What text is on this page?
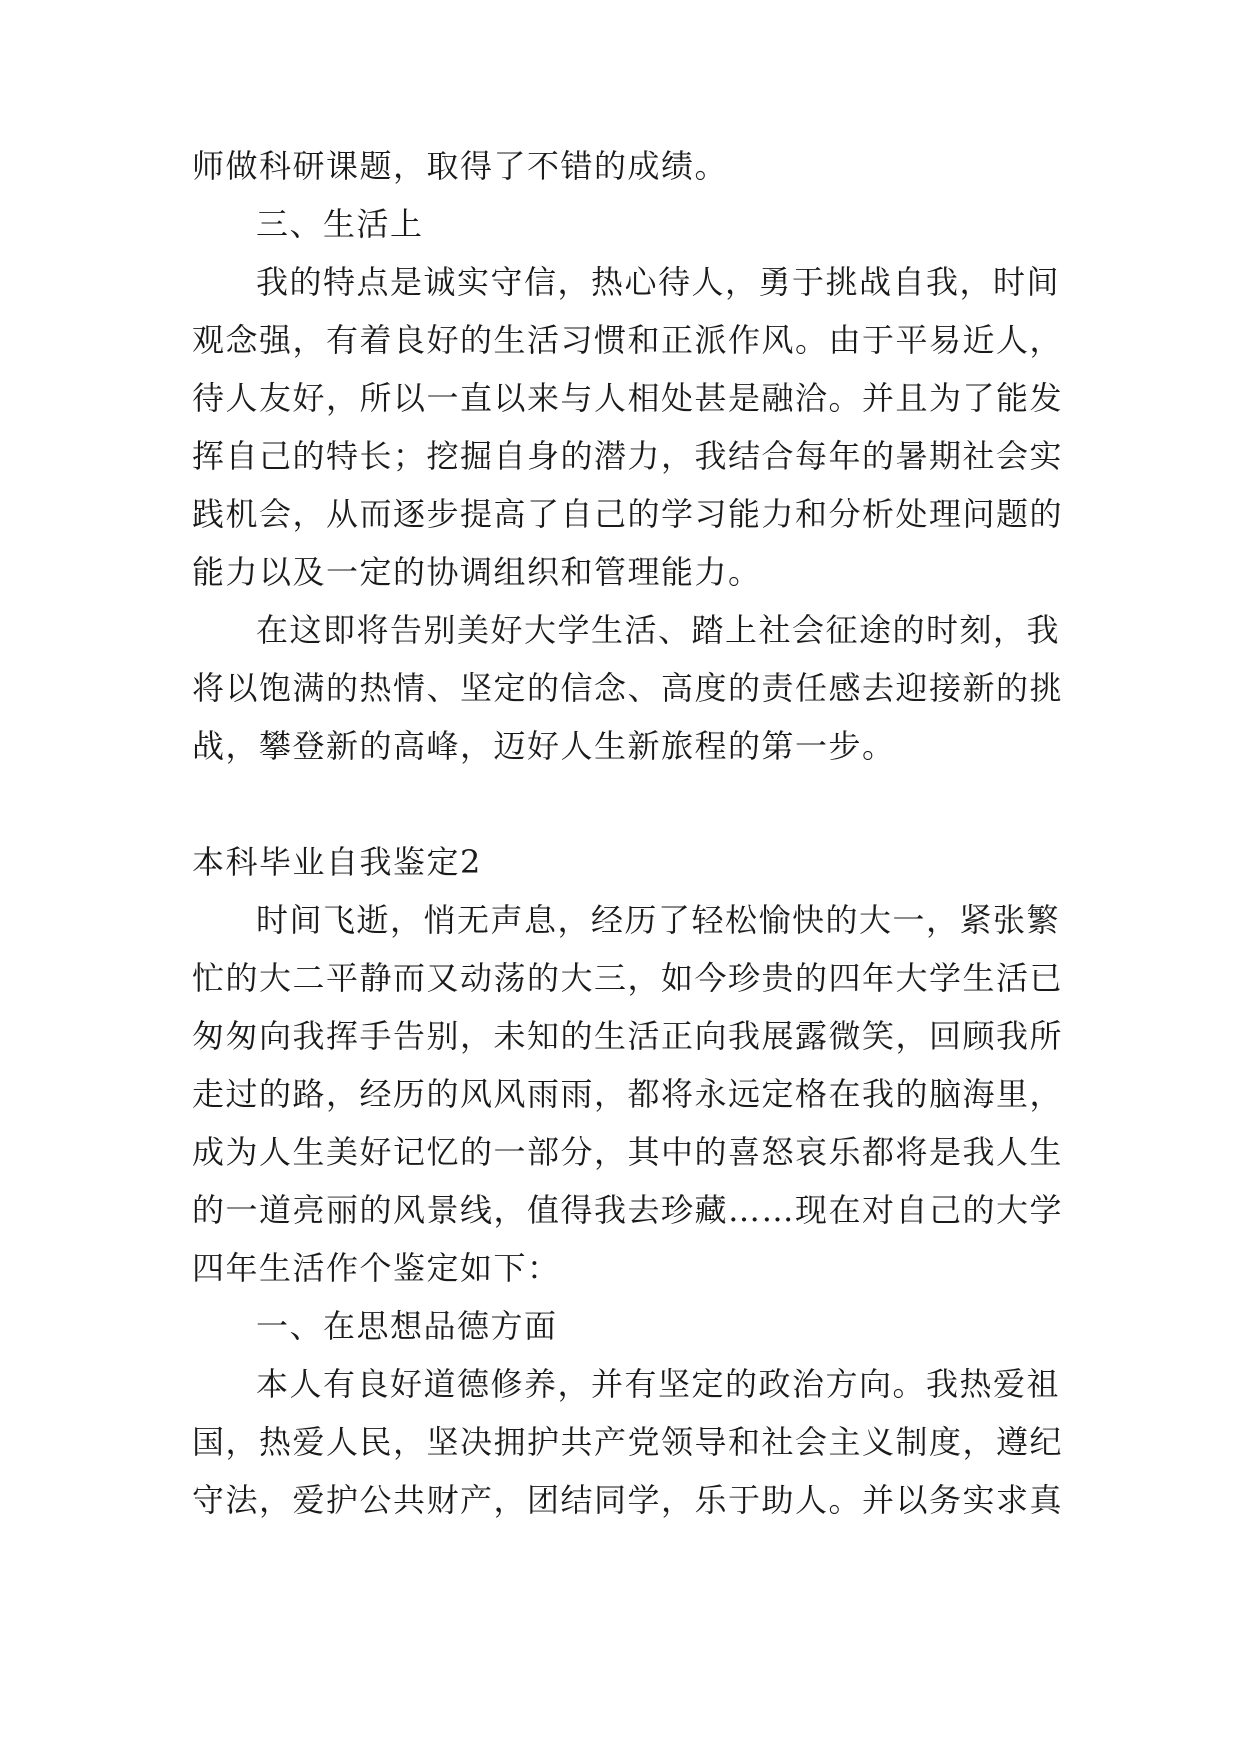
师做科研课题，取得了不错的成绩。
三、生活上
我的特点是诚实守信，热心待人，勇于挑战自我，时间
观念强，有着良好的生活习惯和正派作风。由于平易近人，
待人友好，所以一直以来与人相处甚是融洽。并且为了能发
挥自己的特长；挖掘自身的潜力，我结合每年的暑期社会实
践机会，从而逐步提高了自己的学习能力和分析处理问题的
能力以及一定的协调组织和管理能力。
在这即将告别美好大学生活、踏上社会征途的时刻，我
将以饱满的热情、坚定的信念、高度的责任感去迎接新的挑
战，攀登新的高峰，迈好人生新旅程的第一步。
本科毕业自我鉴定2
时间飞逝，悄无声息，经历了轻松愉快的大一，紧张繁
忙的大二平静而又动荡的大三，如今珍贵的四年大学生活已
匆匆向我挥手告别，未知的生活正向我展露微笑，回顾我所
走过的路，经历的风风雨雨，都将永远定格在我的脑海里，
成为人生美好记忆的一部分，其中的喜怒哀乐都将是我人生
的一道亮丽的风景线，值得我去珍藏……现在对自己的大学
四年生活作个鉴定如下：
一、在思想品德方面
本人有良好道德修养，并有坚定的政治方向。我热爱祖
国，热爱人民，坚决拥护共产党领导和社会主义制度，遵纪
守法，爱护公共财产，团结同学，乐于助人。并以务实求真
